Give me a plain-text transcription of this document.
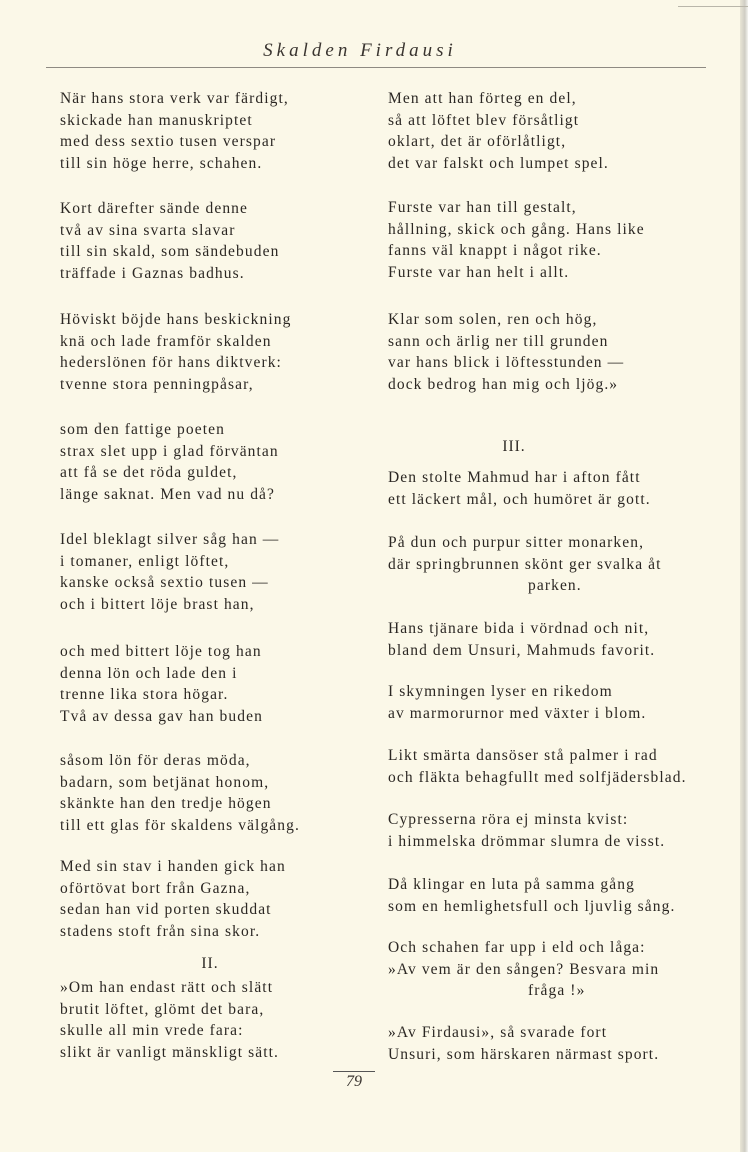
Skalden Firdausi
När hans stora verk var färdigt,
skickade han manuskriptet
med dess sextio tusen verspar
till sin höge herre, schahen.
Kort därefter sände denne
två av sina svarta slavar
till sin skald, som sändebuden
träffade i Gaznas badhus.
Höviskt böjde hans beskickning
knä och lade framför skalden
hederslönen för hans diktverk:
tvenne stora penningpåsar,
som den fattige poeten
strax slet upp i glad förväntan
att få se det röda guldet,
länge saknat. Men vad nu då?
Idel bleklagt silver såg han —
i tomaner, enligt löftet,
kanske också sextio tusen —
och i bittert löje brast han,
och med bittert löje tog han
denna lön och lade den i
trenne lika stora högar.
Två av dessa gav han buden
såsom lön för deras möda,
badarn, som betjänat honom,
skänkte han den tredje högen
till ett glas för skaldens välgång.
Med sin stav i handen gick han
oförtövat bort från Gazna,
sedan han vid porten skuddat
stadens stoft från sina skor.
»Om han endast rätt och slätt
brutit löftet, glömt det bara,
skulle all min vrede fara:
slikt är vanligt mänskligt sätt.
Men att han förteg en del,
så att löftet blev försåtligt
oklart, det är oförlåtligt,
det var falskt och lumpet spel.
Furste var han till gestalt,
hållning, skick och gång. Hans like
fanns väl knappt i något rike.
Furste var han helt i allt.
Klar som solen, ren och hög,
sann och ärlig ner till grunden
var hans blick i löftesstunden —
dock bedrog han mig och ljög.»
Den stolte Mahmud har i afton fått
ett läckert mål, och humöret är gott.
På dun och purpur sitter monarken,
där springbrunnen skönt ger svalka åt
parken.
Hans tjänare bida i vördnad och nit,
bland dem Unsuri, Mahmuds favorit.
I skymningen lyser en rikedom
av marmorurnor med växter i blom.
Likt smärta dansöser stå palmer i rad
och fläkta behagfullt med solfjädersblad.
Cypresserna röra ej minsta kvist:
i himmelska drömmar slumra de visst.
Då klingar en luta på samma gång
som en hemlighetsfull och ljuvlig sång.
Och schahen far upp i eld och låga:
»Av vem är den sången? Besvara min
fråga !»
»Av Firdausi», så svarade fort
Unsuri, som härskaren närmast sport.
II.
III.
79
